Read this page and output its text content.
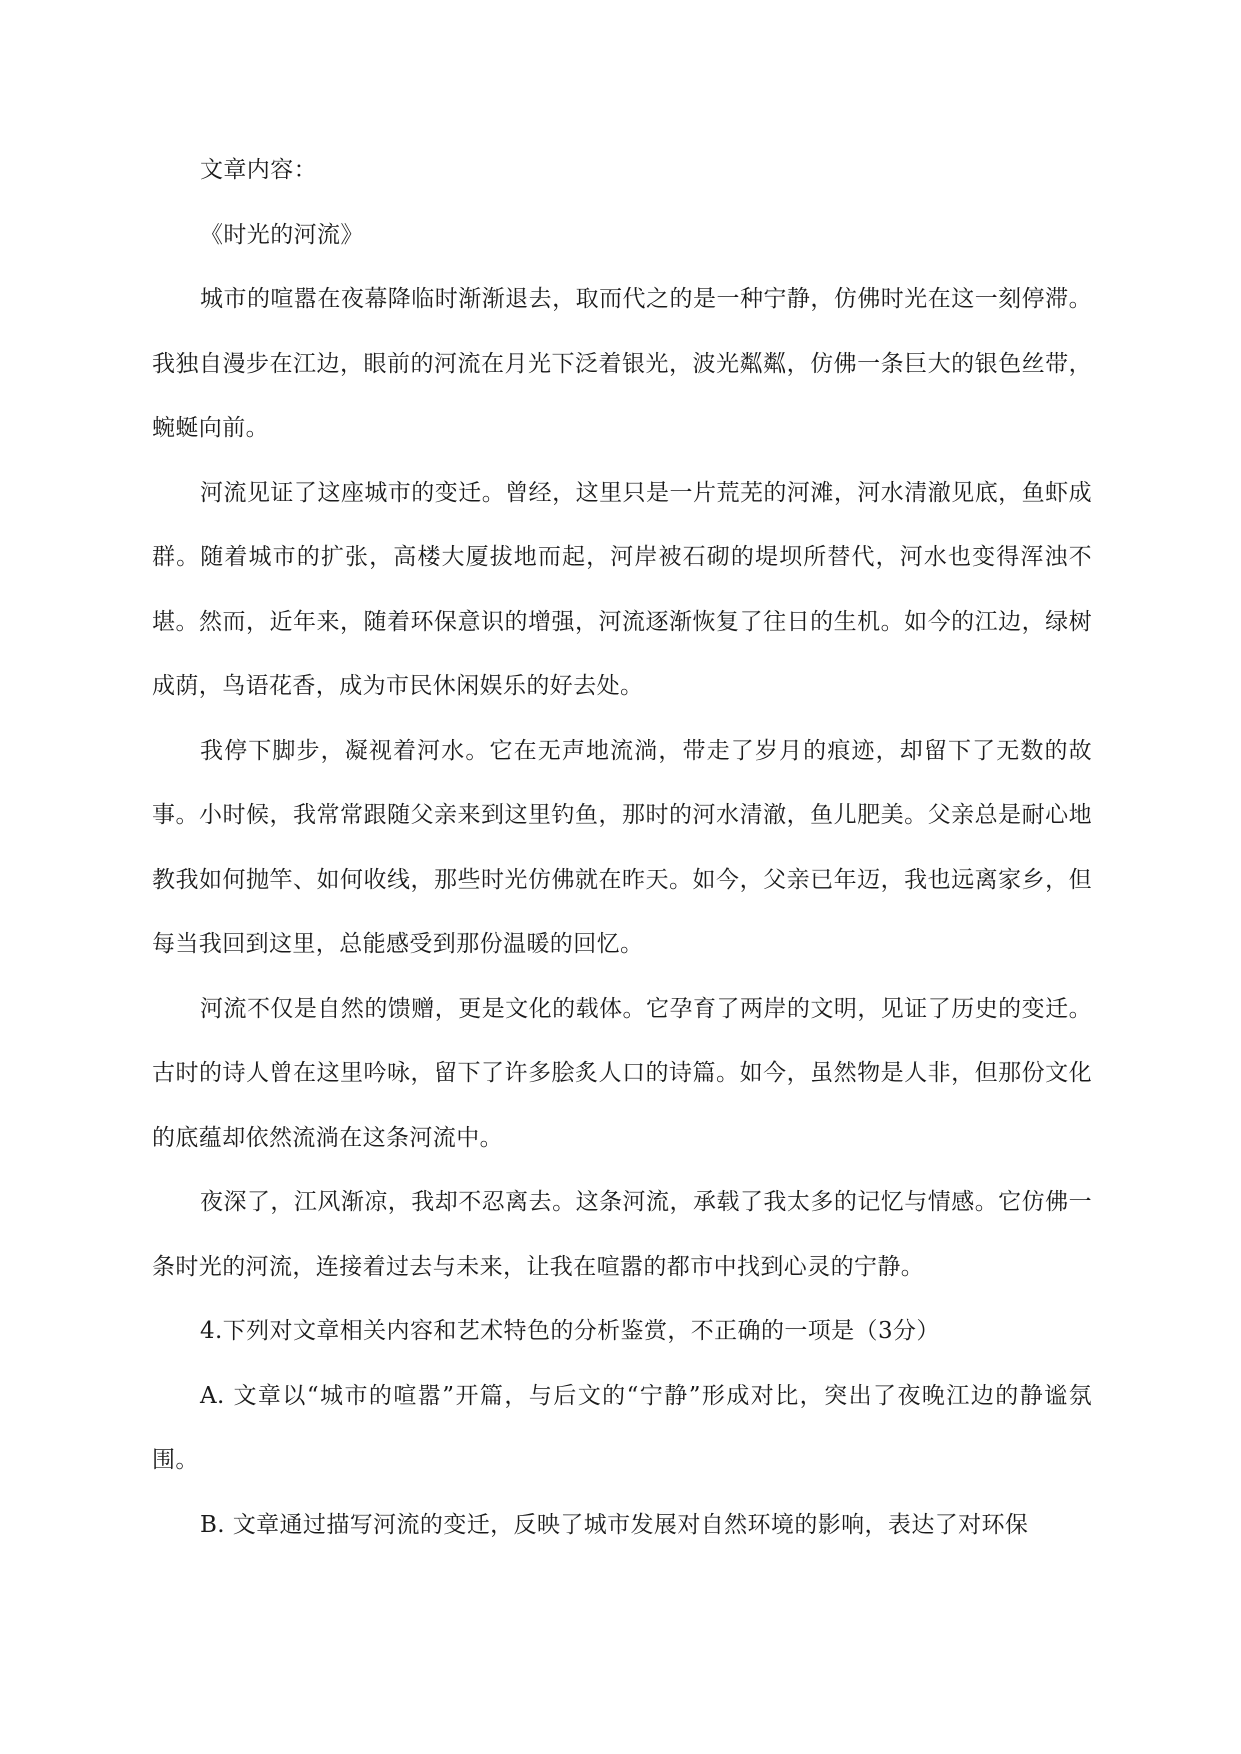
文章内容：

《时光的河流》

城市的喧嚣在夜幕降临时渐渐退去，取而代之的是一种宁静，仿佛时光在这一刻停滞。我独自漫步在江边，眼前的河流在月光下泛着银光，波光粼粼，仿佛一条巨大的银色丝带，蜿蜒向前。

河流见证了这座城市的变迁。曾经，这里只是一片荒芜的河滩，河水清澈见底，鱼虾成群。随着城市的扩张，高楼大厦拔地而起，河岸被石砌的堤坝所替代，河水也变得浑浊不堪。然而，近年来，随着环保意识的增强，河流逐渐恢复了往日的生机。如今的江边，绿树成荫，鸟语花香，成为市民休闲娱乐的好去处。

我停下脚步，凝视着河水。它在无声地流淌，带走了岁月的痕迹，却留下了无数的故事。小时候，我常常跟随父亲来到这里钓鱼，那时的河水清澈，鱼儿肥美。父亲总是耐心地教我如何抛竿、如何收线，那些时光仿佛就在昨天。如今，父亲已年迈，我也远离家乡，但每当我回到这里，总能感受到那份温暖的回忆。

河流不仅是自然的馈赠，更是文化的载体。它孕育了两岸的文明，见证了历史的变迁。古时的诗人曾在这里吟咏，留下了许多脍炙人口的诗篇。如今，虽然物是人非，但那份文化的底蕴却依然流淌在这条河流中。

夜深了，江风渐凉，我却不忍离去。这条河流，承载了我太多的记忆与情感。它仿佛一条时光的河流，连接着过去与未来，让我在喧嚣的都市中找到心灵的宁静。

4.下列对文章相关内容和艺术特色的分析鉴赏，不正确的一项是（3分）

A. 文章以“城市的喧嚣”开篇，与后文的“宁静”形成对比，突出了夜晚江边的静谧氛围。

B. 文章通过描写河流的变迁，反映了城市发展对自然环境的影响，表达了对环保
